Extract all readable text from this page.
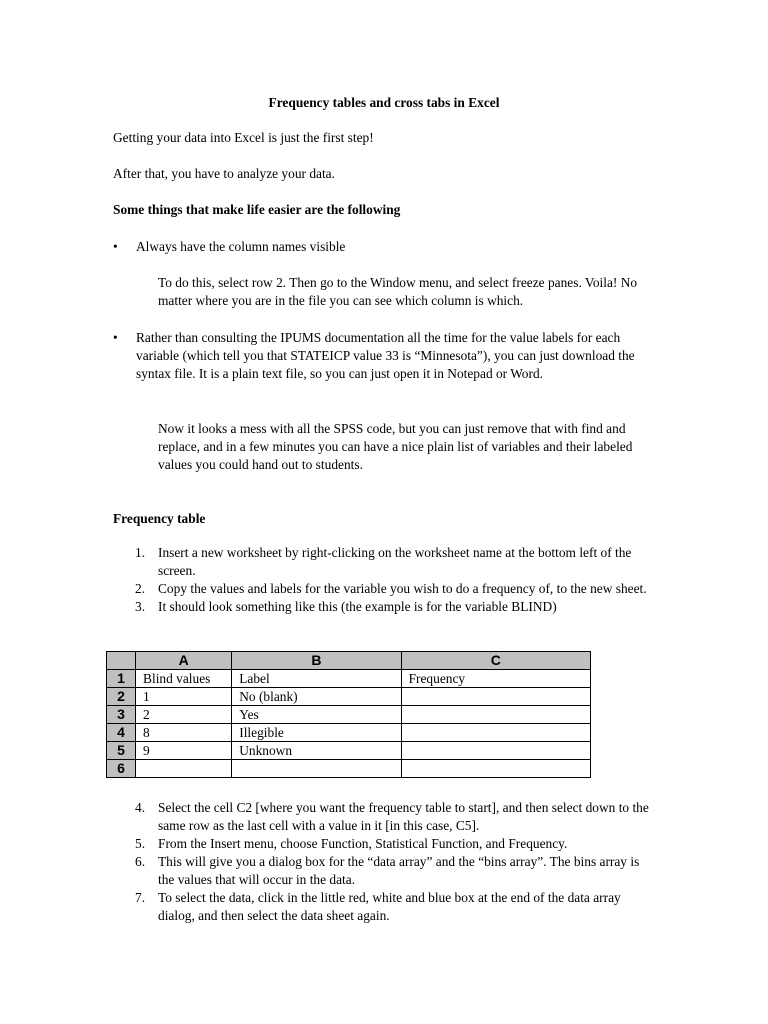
Frequency tables and cross tabs in Excel

Getting your data into Excel is just the first step!

After that, you have to analyze your data.

Some things that make life easier are the following

• Always have the column names visible

To do this, select row 2. Then go to the Window menu, and select freeze panes. Voila! No matter where you are in the file you can see which column is which.

• Rather than consulting the IPUMS documentation all the time for the value labels for each variable (which tell you that STATEICP value 33 is “Minnesota”), you can just download the syntax file. It is a plain text file, so you can just open it in Notepad or Word.

Now it looks a mess with all the SPSS code, but you can just remove that with find and replace, and in a few minutes you can have a nice plain list of variables and their labeled values you could hand out to students.

Frequency table

1. Insert a new worksheet by right-clicking on the worksheet name at the bottom left of the screen.
2. Copy the values and labels for the variable you wish to do a frequency of, to the new sheet.
3. It should look something like this (the example is for the variable BLIND)
	A	B	C
1	Blind values	Label	Frequency
2	1	No (blank)	
3	2	Yes	
4	8	Illegible	
5	9	Unknown	
6			
4. Select the cell C2 [where you want the frequency table to start], and then select down to the same row as the last cell with a value in it [in this case, C5].
5. From the Insert menu, choose Function, Statistical Function, and Frequency.
6. This will give you a dialog box for the “data array” and the “bins array”. The bins array is the values that will occur in the data.
7. To select the data, click in the little red, white and blue box at the end of the data array dialog, and then select the data sheet again.
